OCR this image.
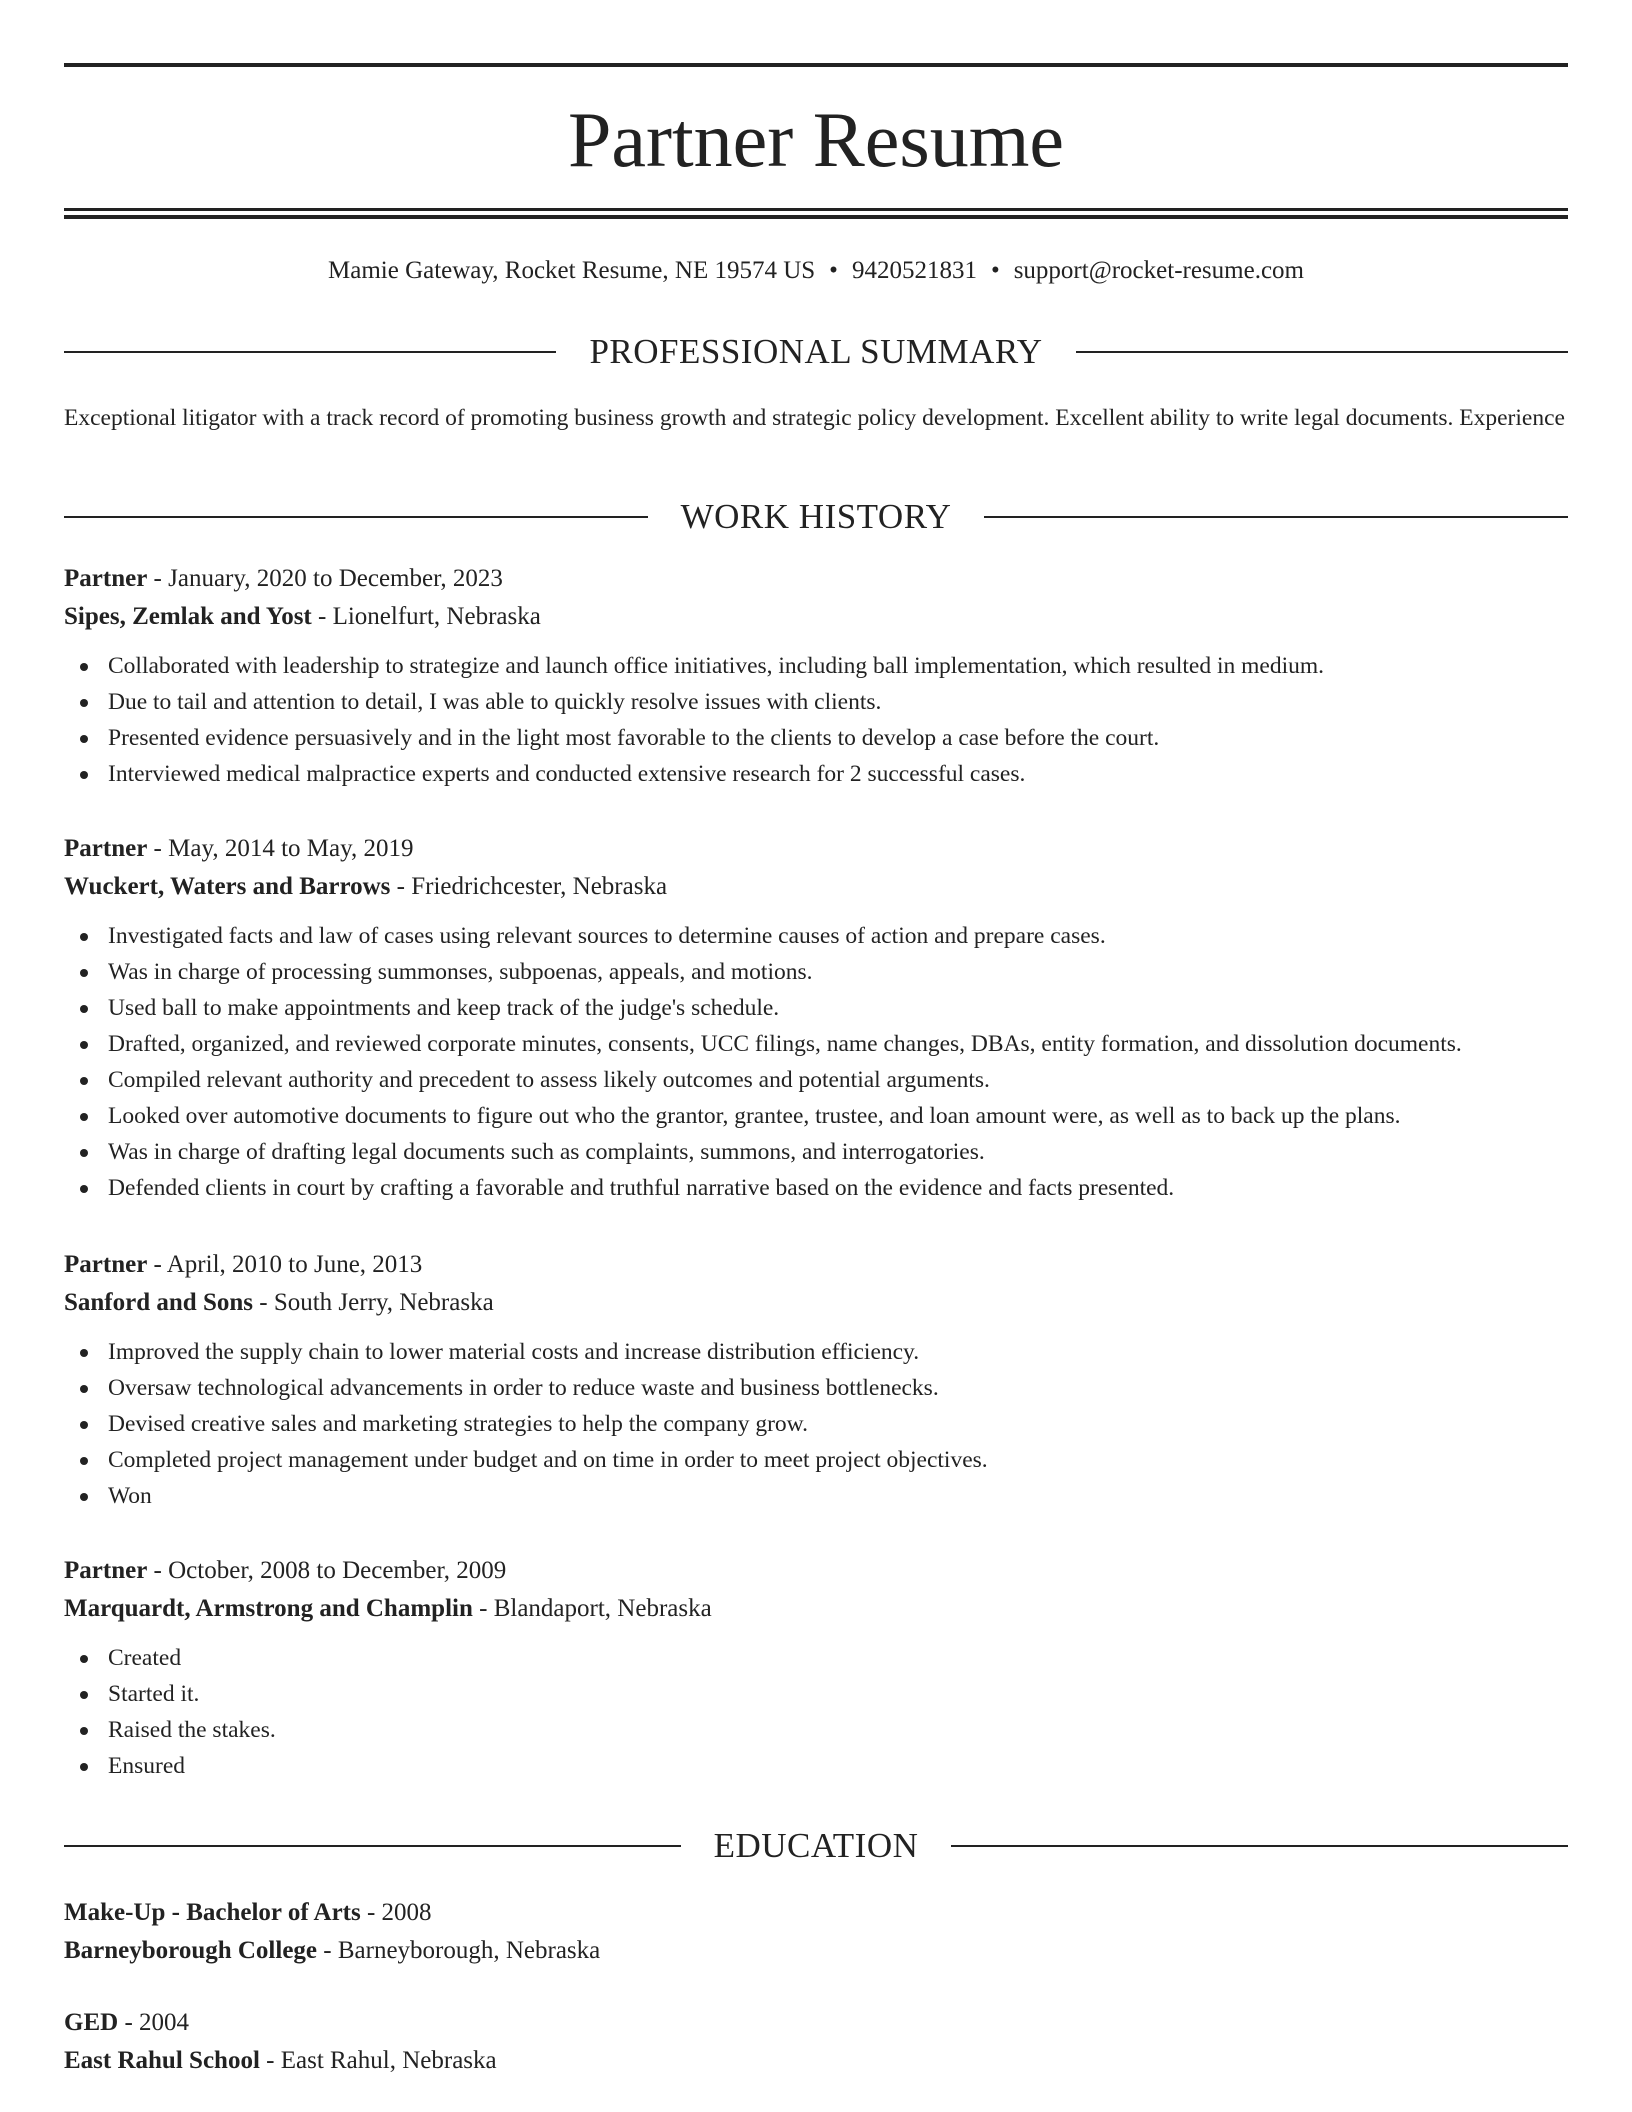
Partner Resume
Mamie Gateway, Rocket Resume, NE 19574 US • 9420521831 • support@rocket-resume.com
PROFESSIONAL SUMMARY
Exceptional litigator with a track record of promoting business growth and strategic policy development. Excellent ability to write legal documents. Experience
WORK HISTORY
Partner - January, 2020 to December, 2023
Sipes, Zemlak and Yost - Lionelfurt, Nebraska
Collaborated with leadership to strategize and launch office initiatives, including ball implementation, which resulted in medium.
Due to tail and attention to detail, I was able to quickly resolve issues with clients.
Presented evidence persuasively and in the light most favorable to the clients to develop a case before the court.
Interviewed medical malpractice experts and conducted extensive research for 2 successful cases.
Partner - May, 2014 to May, 2019
Wuckert, Waters and Barrows - Friedrichcester, Nebraska
Investigated facts and law of cases using relevant sources to determine causes of action and prepare cases.
Was in charge of processing summonses, subpoenas, appeals, and motions.
Used ball to make appointments and keep track of the judge's schedule.
Drafted, organized, and reviewed corporate minutes, consents, UCC filings, name changes, DBAs, entity formation, and dissolution documents.
Compiled relevant authority and precedent to assess likely outcomes and potential arguments.
Looked over automotive documents to figure out who the grantor, grantee, trustee, and loan amount were, as well as to back up the plans.
Was in charge of drafting legal documents such as complaints, summons, and interrogatories.
Defended clients in court by crafting a favorable and truthful narrative based on the evidence and facts presented.
Partner - April, 2010 to June, 2013
Sanford and Sons - South Jerry, Nebraska
Improved the supply chain to lower material costs and increase distribution efficiency.
Oversaw technological advancements in order to reduce waste and business bottlenecks.
Devised creative sales and marketing strategies to help the company grow.
Completed project management under budget and on time in order to meet project objectives.
Won
Partner - October, 2008 to December, 2009
Marquardt, Armstrong and Champlin - Blandaport, Nebraska
Created
Started it.
Raised the stakes.
Ensured
EDUCATION
Make-Up - Bachelor of Arts - 2008
Barneyborough College - Barneyborough, Nebraska
GED - 2004
East Rahul School - East Rahul, Nebraska
